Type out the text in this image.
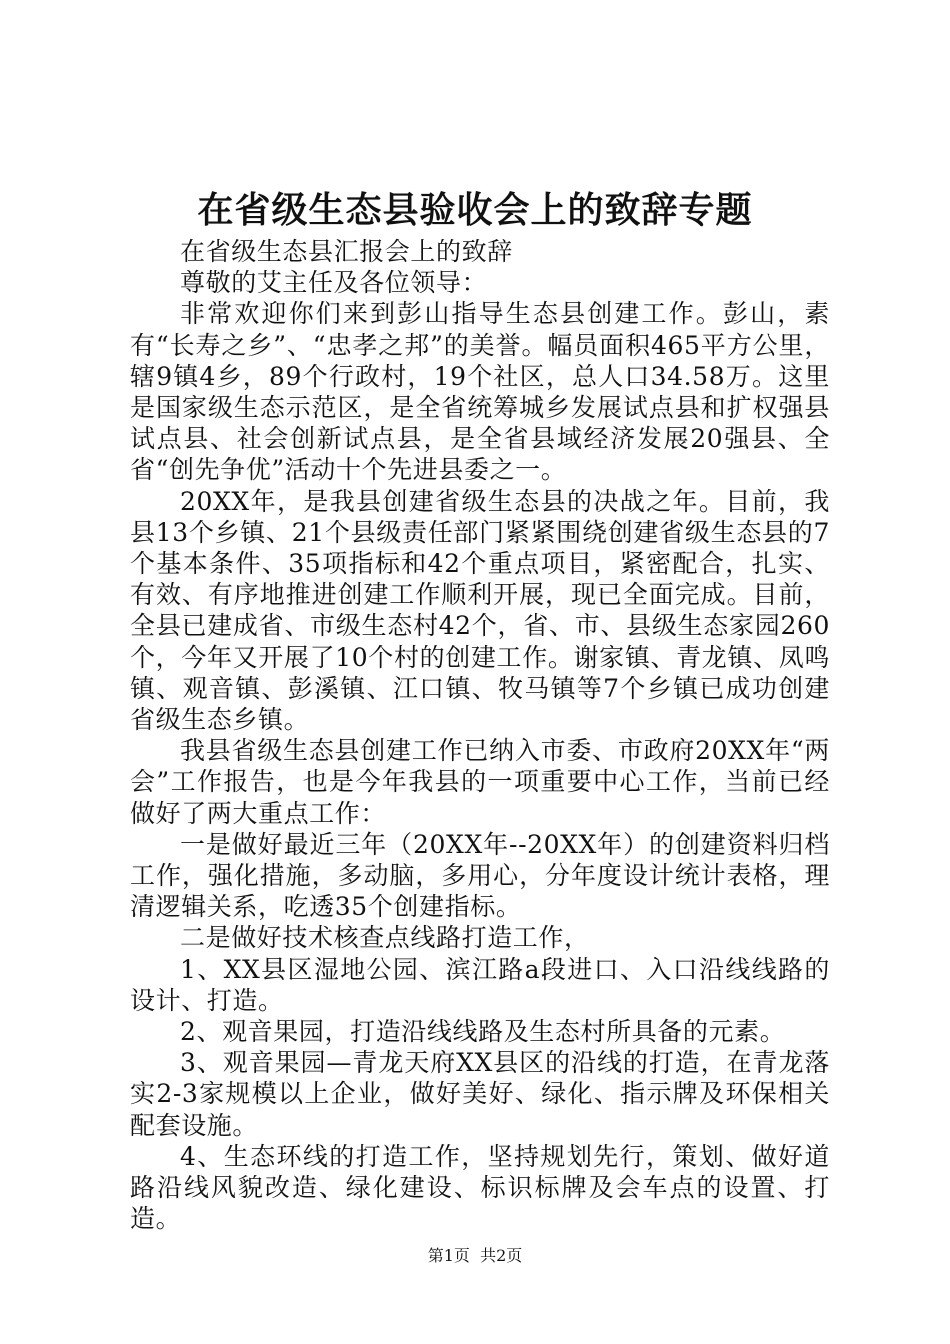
在省级生态县验收会上的致辞专题

在省级生态县汇报会上的致辞

尊敬的艾主任及各位领导：

非常欢迎你们来到彭山指导生态县创建工作。彭山，素有“长寿之乡”、“忠孝之邦”的美誉。幅员面积465平方公里，辖9镇4乡，89个行政村，19个社区，总人口34.58万。这里是国家级生态示范区，是全省统筹城乡发展试点县和扩权强县试点县、社会创新试点县，是全省县域经济发展20强县、全省“创先争优”活动十个先进县委之一。

20XX年，是我县创建省级生态县的决战之年。目前，我县13个乡镇、21个县级责任部门紧紧围绕创建省级生态县的7个基本条件、35项指标和42个重点项目，紧密配合，扎实、有效、有序地推进创建工作顺利开展，现已全面完成。目前，全县已建成省、市级生态村42个，省、市、县级生态家园260个，今年又开展了10个村的创建工作。谢家镇、青龙镇、凤鸣镇、观音镇、彭溪镇、江口镇、牧马镇等7个乡镇已成功创建省级生态乡镇。

我县省级生态县创建工作已纳入市委、市政府20XX年“两会”工作报告，也是今年我县的一项重要中心工作，当前已经做好了两大重点工作：

一是做好最近三年（20XX年--20XX年）的创建资料归档工作，强化措施，多动脑，多用心，分年度设计统计表格，理清逻辑关系，吃透35个创建指标。

二是做好技术核查点线路打造工作，

1、XX县区湿地公园、滨江路a段进口、入口沿线线路的设计、打造。

2、观音果园，打造沿线线路及生态村所具备的元素。

3、观音果园—青龙天府XX县区的沿线的打造，在青龙落实2-3家规模以上企业，做好美好、绿化、指示牌及环保相关配套设施。

4、生态环线的打造工作，坚持规划先行，策划、做好道路沿线风貌改造、绿化建设、标识标牌及会车点的设置、打造。

第1页  共2页
